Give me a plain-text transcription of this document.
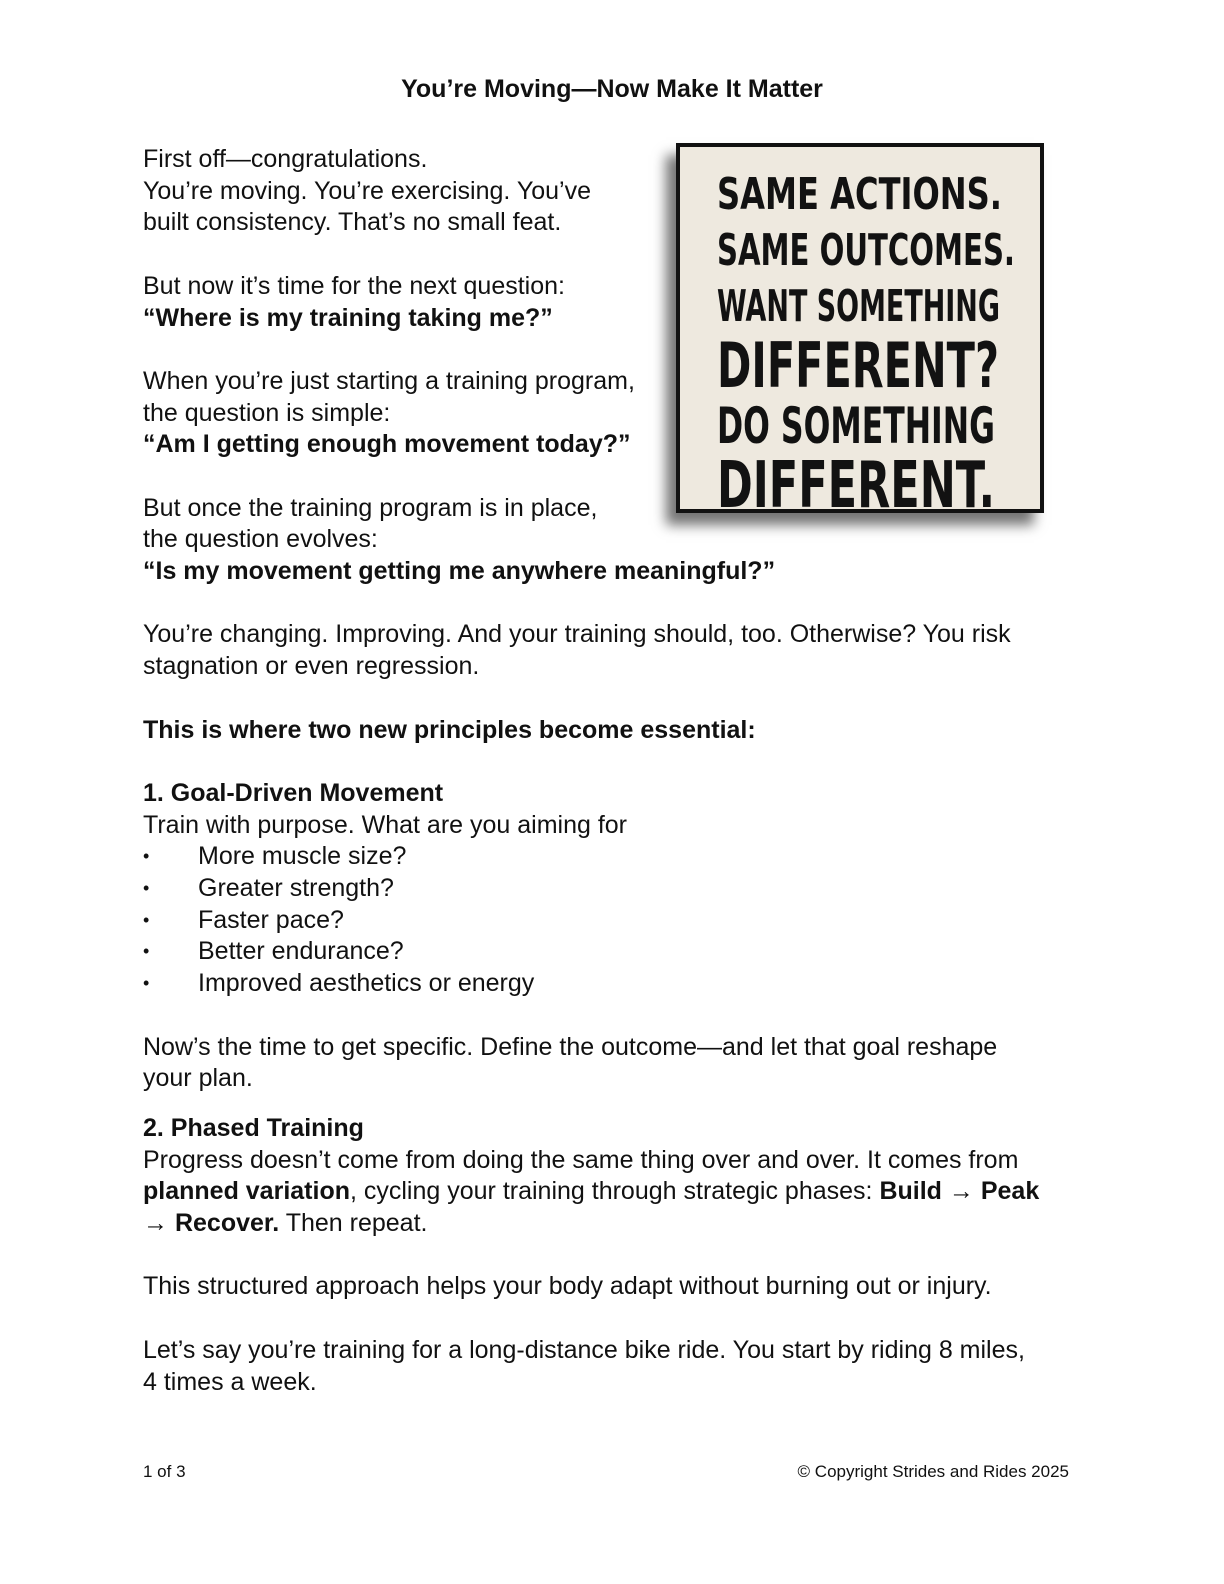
You’re Moving—Now Make It Matter
SAME ACTIONS.
SAME OUTCOMES.
WANT SOMETHING
DIFFERENT?
DO SOMETHING
DIFFERENT.

First off—congratulations.

You’re moving. You’re exercising. You’ve

built consistency. That’s no small feat.

But now it’s time for the next question:

“Where is my training taking me?”

When you’re just starting a training program,

the question is simple:

“Am I getting enough movement today?”

But once the training program is in place,

the question evolves:

“Is my movement getting me anywhere meaningful?”

You’re changing. Improving. And your training should, too. Otherwise? You risk

stagnation or even regression.

This is where two new principles become essential:

1. Goal-Driven Movement

Train with purpose. What are you aiming for

•	More muscle size?
•	Greater strength?
•	Faster pace?
•	Better endurance?
•	Improved aesthetics or energy

Now’s the time to get specific. Define the outcome—and let that goal reshape

your plan.

2. Phased Training

Progress doesn’t come from doing the same thing over and over. It comes from

planned variation, cycling your training through strategic phases: Build → Peak

→ Recover. Then repeat.

This structured approach helps your body adapt without burning out or injury.

Let’s say you’re training for a long-distance bike ride. You start by riding 8 miles,

4 times a week.

1 of 3	© Copyright Strides and Rides 2025
